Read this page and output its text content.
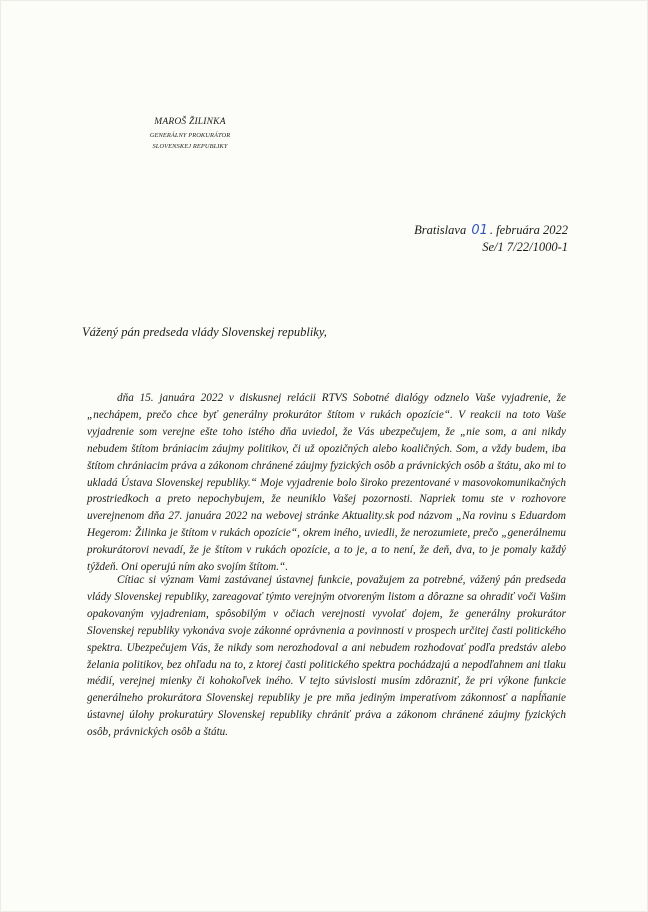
MAROŠ ŽILINKA
GENERÁLNY PROKURÁTOR
SLOVENSKEJ REPUBLIKY
Bratislava 01 . februára 2022
Se/1 7/22/1000-1
Vážený pán predseda vlády Slovenskej republiky,

dňa 15. januára 2022 v diskusnej relácii RTVS Sobotné dialógy odznelo Vaše vyjadrenie, že „nechápem, prečo chce byť generálny prokurátor štítom v rukách opozície“. V reakcii na toto Vaše vyjadrenie som verejne ešte toho istého dňa uviedol, že Vás ubezpečujem, že „nie som, a ani nikdy nebudem štítom brániacim záujmy politikov, či už opozičných alebo koaličných. Som, a vždy budem, iba štítom chrániacim práva a zákonom chránené záujmy fyzických osôb a právnických osôb a štátu, ako mi to ukladá Ústava Slovenskej republiky.“ Moje vyjadrenie bolo široko prezentované v masovokomunikačných prostriedkoch a preto nepochybujem, že neuniklo Vašej pozornosti. Napriek tomu ste v rozhovore uverejnenom dňa 27. januára 2022 na webovej stránke Aktuality.sk pod názvom „Na rovinu s Eduardom Hegerom: Žilinka je štítom v rukách opozície“, okrem iného, uviedli, že nerozumiete, prečo „generálnemu prokurátorovi nevadí, že je štítom v rukách opozície, a to je, a to není, že deň, dva, to je pomaly každý týždeň. Oni operujú ním ako svojím štítom.“.

Cítiac si význam Vami zastávanej ústavnej funkcie, považujem za potrebné, vážený pán predseda vlády Slovenskej republiky, zareagovať týmto verejným otvoreným listom a dôrazne sa ohradiť voči Vašim opakovaným vyjadreniam, spôsobilým v očiach verejnosti vyvolať dojem, že generálny prokurátor Slovenskej republiky vykonáva svoje zákonné oprávnenia a povinnosti v prospech určitej časti politického spektra. Ubezpečujem Vás, že nikdy som nerozhodoval a ani nebudem rozhodovať podľa predstáv alebo želania politikov, bez ohľadu na to, z ktorej časti politického spektra pochádzajú a nepodľahnem ani tlaku médií, verejnej mienky či kohokoľvek iného. V tejto súvislosti musím zdôrazniť, že pri výkone funkcie generálneho prokurátora Slovenskej republiky je pre mňa jediným imperatívom zákonnosť a napĺňanie ústavnej úlohy prokuratúry Slovenskej republiky chrániť práva a zákonom chránené záujmy fyzických osôb, právnických osôb a štátu.
